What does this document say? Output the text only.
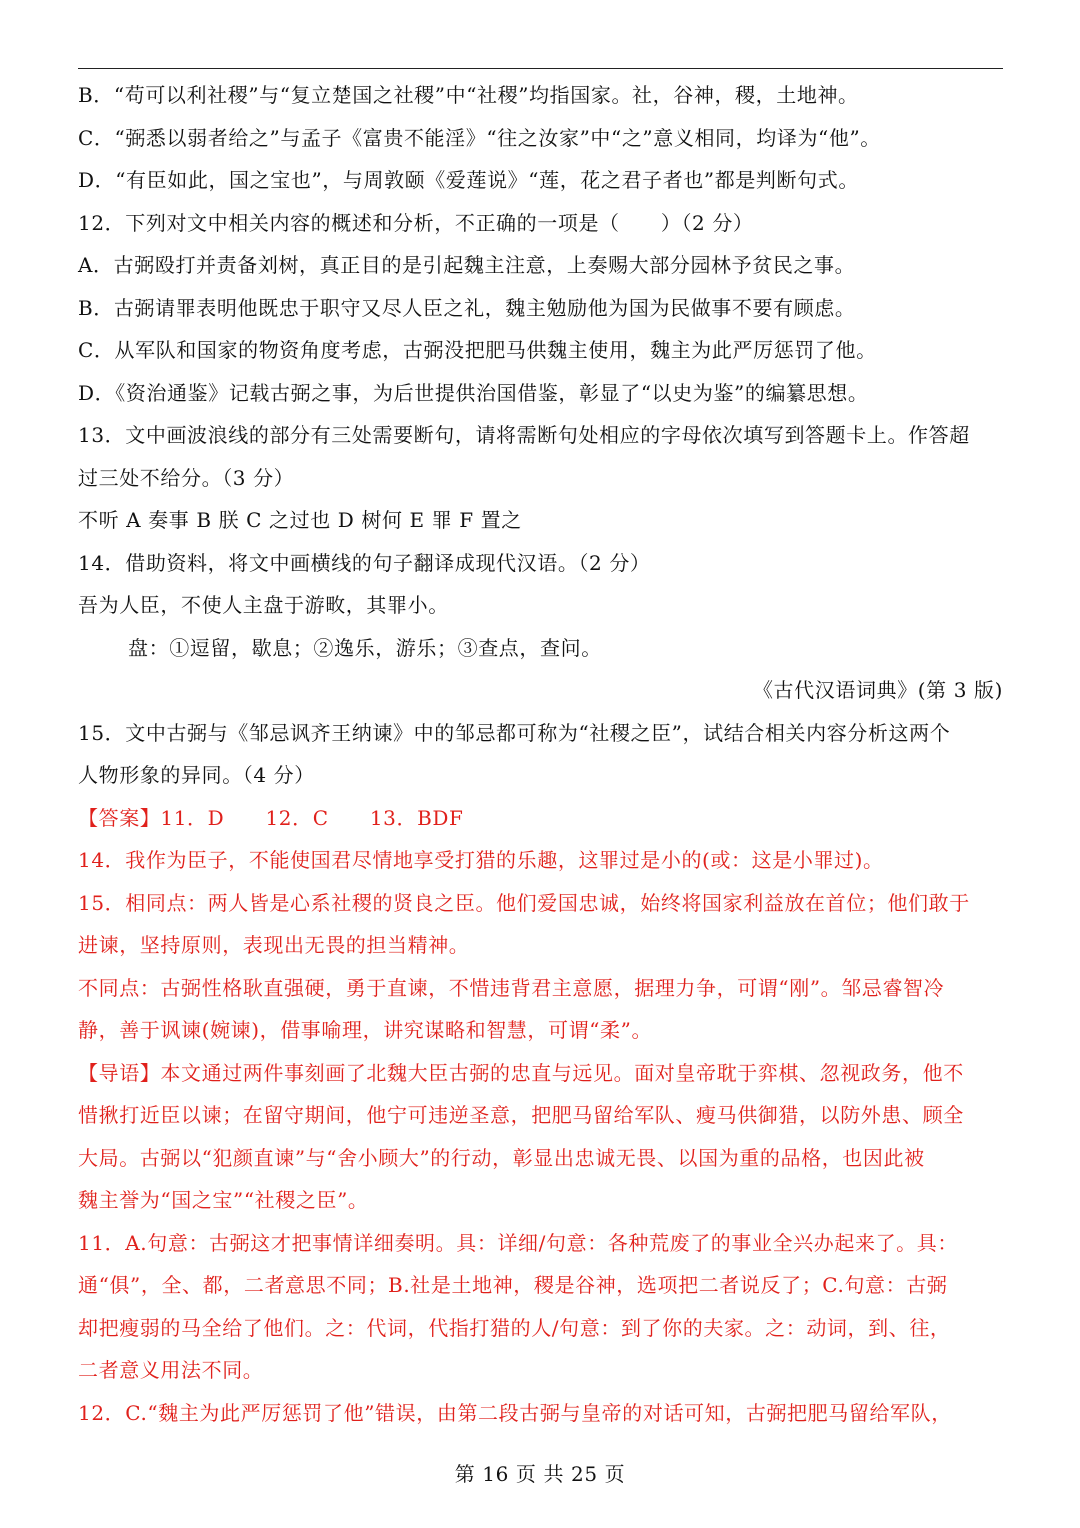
B．“苟可以利社稷”与“复立楚国之社稷”中“社稷”均指国家。社，谷神，稷，土地神。
C．“弼悉以弱者给之”与孟子《富贵不能淫》“往之汝家”中“之”意义相同，均译为“他”。
D．“有臣如此，国之宝也”，与周敦颐《爱莲说》“莲，花之君子者也”都是判断句式。
12．下列对文中相关内容的概述和分析，不正确的一项是（　　）（2 分）
A．古弼殴打并责备刘树，真正目的是引起魏主注意，上奏赐大部分园林予贫民之事。
B．古弼请罪表明他既忠于职守又尽人臣之礼，魏主勉励他为国为民做事不要有顾虑。
C．从军队和国家的物资角度考虑，古弼没把肥马供魏主使用，魏主为此严厉惩罚了他。
D．《资治通鉴》记载古弼之事，为后世提供治国借鉴，彰显了“以史为鉴”的编纂思想。
13．文中画波浪线的部分有三处需要断句，请将需断句处相应的字母依次填写到答题卡上。作答超
过三处不给分。（3 分）
不听 A 奏事 B 朕 C 之过也 D 树何 E 罪 F 置之
14．借助资料，将文中画横线的句子翻译成现代汉语。（2 分）
吾为人臣，不使人主盘于游畋，其罪小。
盘：①逗留，歇息；②逸乐，游乐；③查点，查问。
《古代汉语词典》(第 3 版)
15．文中古弼与《邹忌讽齐王纳谏》中的邹忌都可称为“社稷之臣”，试结合相关内容分析这两个
人物形象的异同。（4 分）
【答案】11．D　　12．C　　13．BDF
14．我作为臣子，不能使国君尽情地享受打猎的乐趣，这罪过是小的(或：这是小罪过)。
15．相同点：两人皆是心系社稷的贤良之臣。他们爱国忠诚，始终将国家利益放在首位；他们敢于
进谏，坚持原则，表现出无畏的担当精神。
不同点：古弼性格耿直强硬，勇于直谏，不惜违背君主意愿，据理力争，可谓“刚”。邹忌睿智冷
静，善于讽谏(婉谏)，借事喻理，讲究谋略和智慧，可谓“柔”。
【导语】本文通过两件事刻画了北魏大臣古弼的忠直与远见。面对皇帝耽于弈棋、忽视政务，他不
惜揪打近臣以谏；在留守期间，他宁可违逆圣意，把肥马留给军队、瘦马供御猎，以防外患、顾全
大局。古弼以“犯颜直谏”与“舍小顾大”的行动，彰显出忠诚无畏、以国为重的品格，也因此被
魏主誉为“国之宝”“社稷之臣”。
11．A.句意：古弼这才把事情详细奏明。具：详细/句意：各种荒废了的事业全兴办起来了。具：
通“俱”，全、都，二者意思不同；B.社是土地神，稷是谷神，选项把二者说反了；C.句意：古弼
却把瘦弱的马全给了他们。之：代词，代指打猎的人/句意：到了你的夫家。之：动词，到、往，
二者意义用法不同。
12．C.“魏主为此严厉惩罚了他”错误，由第二段古弼与皇帝的对话可知，古弼把肥马留给军队，
第 16 页 共 25 页
